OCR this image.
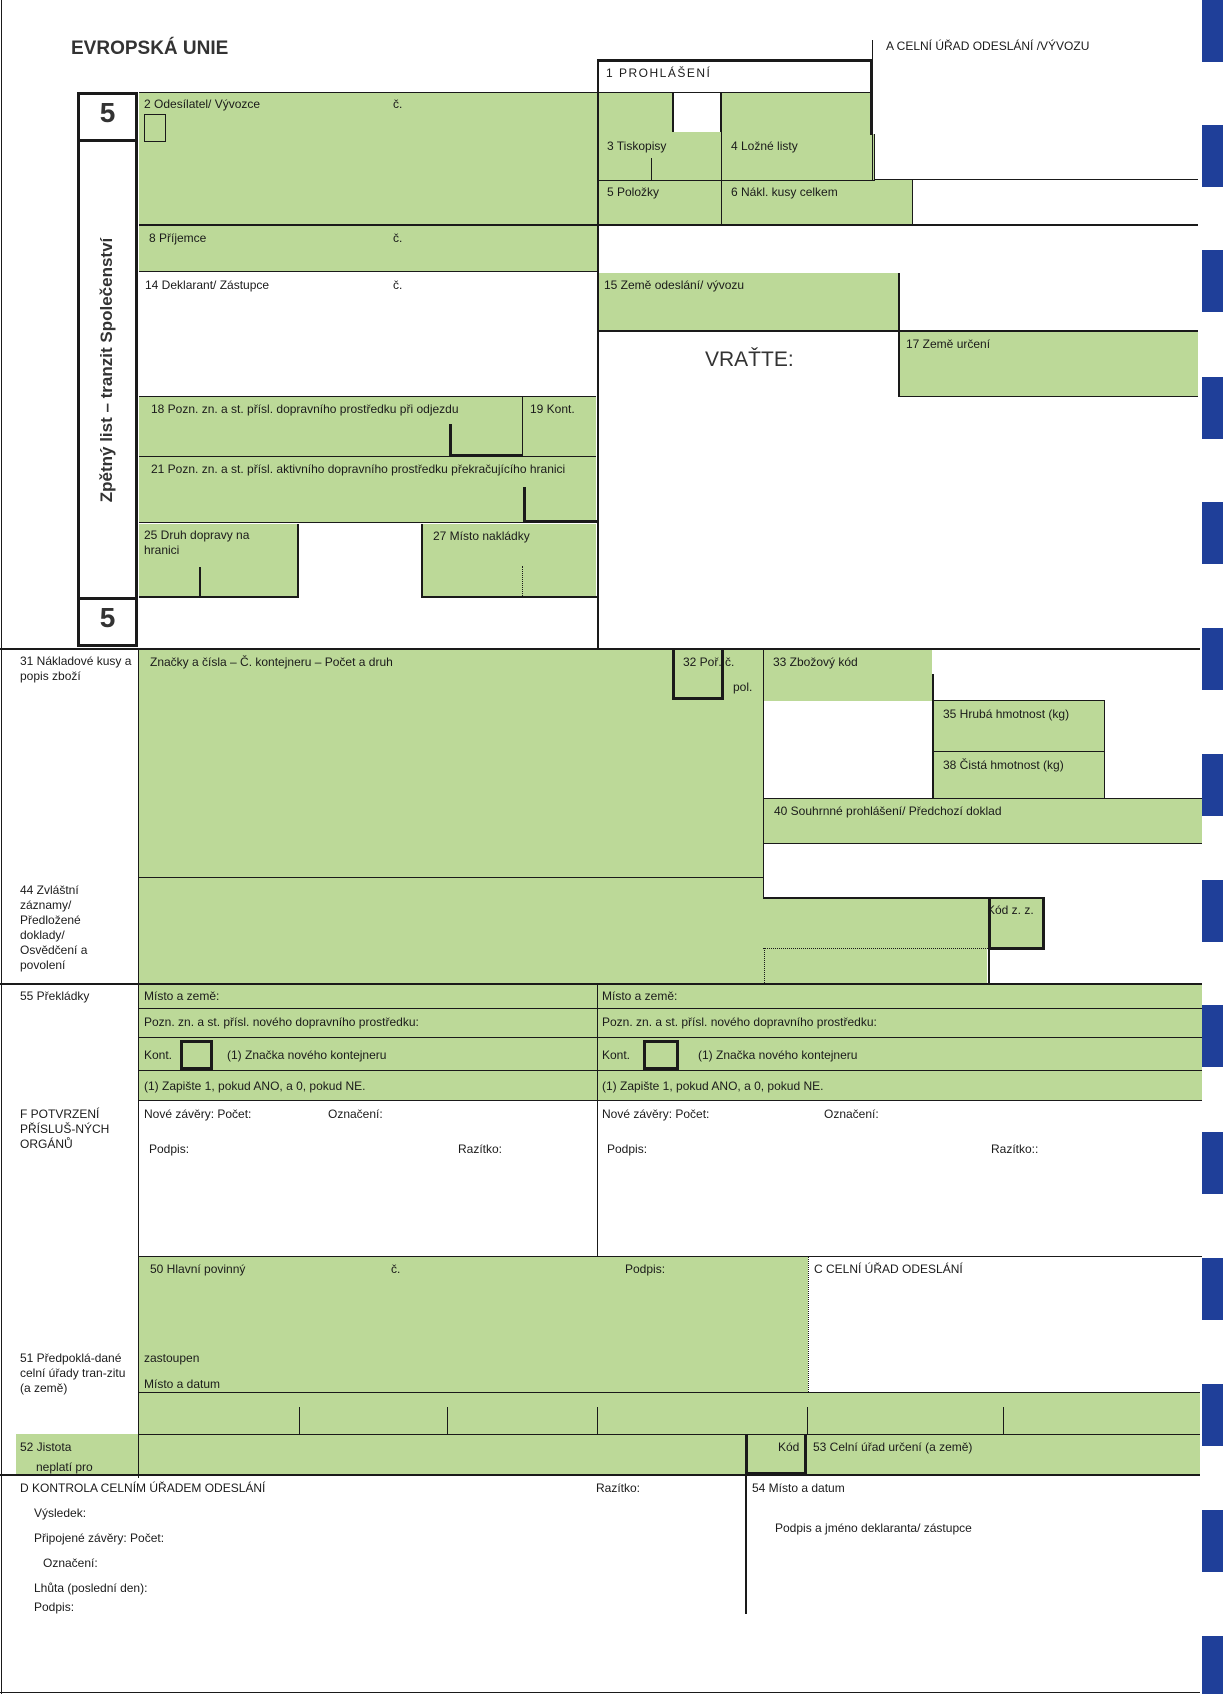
EVROPSKÁ UNIE	A CELNÍ ÚŘAD ODESLÁNÍ /VÝVOZU
1 PROHLÁŠENÍ
5
5
Zpětný list – tranzit Společenství
2 Odesílatel/ Vývozce	č.
3 Tiskopisy	4 Ložné listy
5 Položky	6 Nákl. kusy celkem
8 Příjemce	č.
14 Deklarant/ Zástupce	č.	15 Země odeslání/ vývozu
17 Země určení
VRAŤTE:
18 Pozn. zn. a st. přísl. dopravního prostředku při odjezdu	19 Kont.
21 Pozn. zn. a st. přísl. aktivního dopravního prostředku překračujícího hranici
25 Druh dopravy na hranici
27 Místo nakládky
31 Nákladové kusy a popis zboží
Značky a čísla – Č. kontejneru – Počet a druh	32 Poř. č.
pol.
33 Zbožový kód
35 Hrubá hmotnost (kg)
38 Čistá hmotnost (kg)
40 Souhrnné prohlášení/ Předchozí doklad
44 Zvláštní záznamy/ Předložené doklady/ Osvědčení a povolení
Kód z. z.
55 Překládky	Místo a země:	Místo a země:
Pozn. zn. a st. přísl. nového dopravního prostředku:	Pozn. zn. a st. přísl. nového dopravního prostředku:
Kont.	(1) Značka nového kontejneru	Kont.	(1) Značka nového kontejneru
(1) Zapište 1, pokud ANO, a 0, pokud NE.	(1) Zapište 1, pokud ANO, a 0, pokud NE.
F POTVRZENÍ PŘÍSLUŠ-NÝCH ORGÁNŮ
Nové závěry: Počet:	Označení:	Nové závěry: Počet:	Označení:
Podpis:	Razítko:	Podpis:	Razítko::
50 Hlavní povinný	č.	Podpis:	C CELNÍ ÚŘAD ODESLÁNÍ
zastoupen
Místo a datum
51 Předpoklá-dané celní úřady tran-zitu (a země)
52 Jistota
neplatí pro
Kód 53 Celní úřad určení (a země)
D KONTROLA CELNÍM ÚŘADEM ODESLÁNÍ	Razítko:
Výsledek:
Připojené závěry: Počet:
Označení:
Lhůta (poslední den):
Podpis:
54 Místo a datum
Podpis a jméno deklaranta/ zástupce
